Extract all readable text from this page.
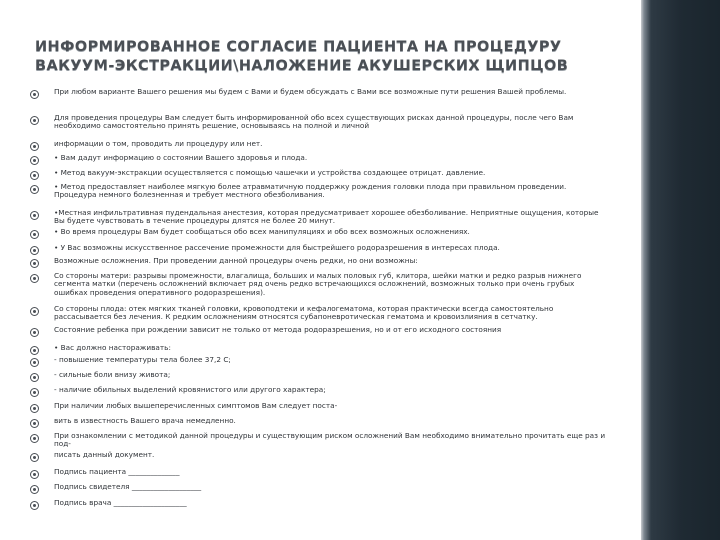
ИНФОРМИРОВАННОЕ СОГЛАСИЕ ПАЦИЕНТА НА ПРОЦЕДУРУ ВАКУУМ-ЭКСТРАКЦИИ\НАЛОЖЕНИЕ АКУШЕРСКИХ ЩИПЦОВ
При любом варианте Вашего решения мы будем с Вами и будем обсуждать с Вами все возможные пути решения Вашей проблемы.
Для проведения процедуры Вам следует быть информированной обо всех существующих рисках данной процедуры, после чего Вам необходимо самостоятельно принять решение, основываясь на полной и личной
информации о том, проводить ли процедуру или нет.
• Вам дадут информацию о состоянии Вашего здоровья и плода.
• Метод вакуум-экстракции осуществляется с помощью чашечки и устройства создающее отрицат. давление.
• Метод предоставляет наиболее мягкую более атравматичную поддержку рождения головки плода при правильном проведении. Процедура немного болезненная и требует местного обезболивания.
•Местная инфильтративная пудендальная анестезия, которая предусматривает хорошее обезболивание. Неприятные ощущения, которые Вы будете чувствовать в течение процедуры длятся не более 20 минут.
• Во время процедуры Вам будет сообщаться обо всех манипуляциях и обо всех возможных осложнениях.
• У Вас возможны искусственное рассечение промежности для быстрейшего родоразрешения в интересах плода.
Возможные осложнения. При проведении данной процедуры очень редки, но они возможны:
Со стороны матери: разрывы промежности, влагалища, больших и малых половых губ, клитора, шейки матки и редко разрыв нижнего сегмента матки (перечень осложнений включает ряд очень редко встречающихся осложнений, возможных только при очень грубых ошибках проведения оперативного родоразрешения).
Со стороны плода: отек мягких тканей головки, кровоподтеки и кефалогематома, которая практически всегда самостоятельно рассасывается без лечения. К редким осложнениям относятся субапоневротическая гематома и кровоизлияния в сетчатку.
Состояние ребенка при рождении зависит не только от метода родоразрешения, но и от его исходного состояния
• Вас должно настораживать:
- повышение температуры тела более 37,2 С;
- сильные боли внизу живота;
- наличие обильных выделений кровянистого или другого характера;
При наличии любых вышеперечисленных симптомов Вам следует поста-
вить в известность Вашего врача немедленно.
При ознакомлении с методикой данной процедуры и существующим риском осложнений Вам необходимо внимательно прочитать еще раз и под-
писать данный документ.
Подпись пациента ______________
Подпись свидетеля ___________________
Подпись врача ____________________
